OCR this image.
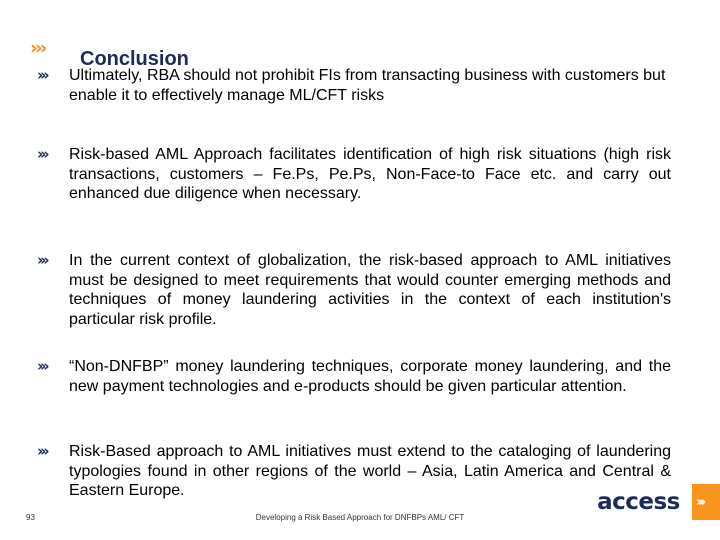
››› Conclusion
››› Ultimately, RBA should not prohibit FIs from transacting business with customers but enable it to effectively manage ML/CFT risks
››› Risk-based AML Approach facilitates identification of high risk situations (high risk transactions, customers – Fe.Ps, Pe.Ps, Non-Face-to Face etc. and carry out enhanced due diligence when necessary.
››› In the current context of globalization, the risk-based approach to AML initiatives must be designed to meet requirements that would counter emerging methods and techniques of money laundering activities in the context of each institution's particular risk profile.
››› “Non-DNFBP” money laundering techniques, corporate money laundering, and the new payment technologies and e-products should be given particular attention.
››› Risk-Based approach to AML initiatives must extend to the cataloging of laundering typologies found in other regions of the world – Asia, Latin America and Central & Eastern Europe.	access ›››
93	Developing a Risk Based Approach for DNFBPs AML/ CFT
